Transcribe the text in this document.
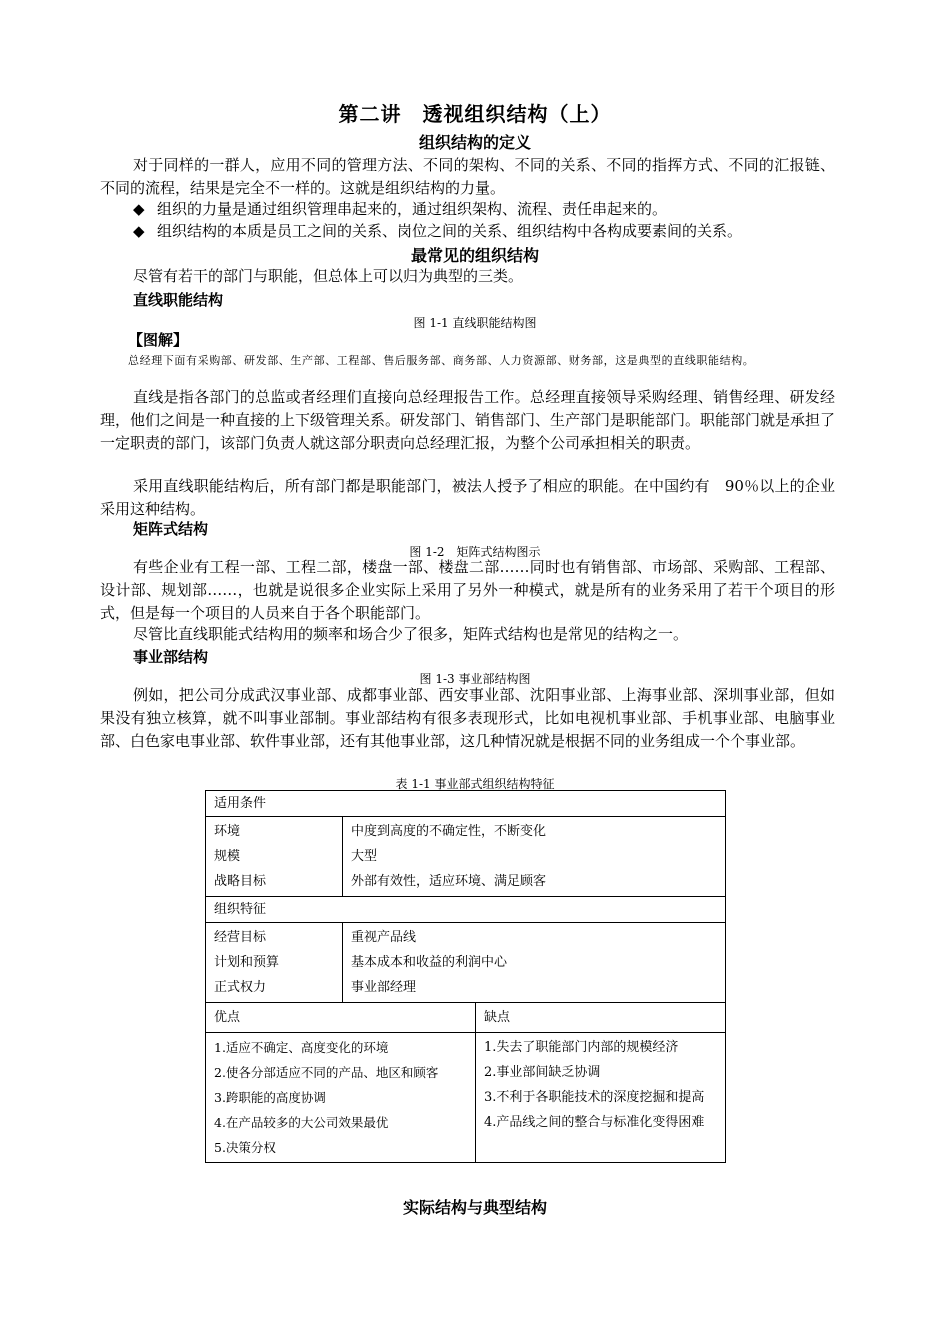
第二讲　透视组织结构（上）
组织结构的定义
对于同样的一群人，应用不同的管理方法、不同的架构、不同的关系、不同的指挥方式、不同的汇报链、不同的流程，结果是完全不一样的。这就是组织结构的力量。
◆ 组织的力量是通过组织管理串起来的，通过组织架构、流程、责任串起来的。
◆ 组织结构的本质是员工之间的关系、岗位之间的关系、组织结构中各构成要素间的关系。
最常见的组织结构
尽管有若干的部门与职能，但总体上可以归为典型的三类。
直线职能结构
图 1-1 直线职能结构图
【图解】
总经理下面有采购部、研发部、生产部、工程部、售后服务部、商务部、人力资源部、财务部，这是典型的直线职能结构。
直线是指各部门的总监或者经理们直接向总经理报告工作。总经理直接领导采购经理、销售经理、研发经理，他们之间是一种直接的上下级管理关系。研发部门、销售部门、生产部门是职能部门。职能部门就是承担了一定职责的部门，该部门负责人就这部分职责向总经理汇报，为整个公司承担相关的职责。
采用直线职能结构后，所有部门都是职能部门，被法人授予了相应的职能。在中国约有　90％以上的企业采用这种结构。
矩阵式结构
图 1-2　矩阵式结构图示
有些企业有工程一部、工程二部，楼盘一部、楼盘二部……同时也有销售部、市场部、采购部、工程部、设计部、规划部……，也就是说很多企业实际上采用了另外一种模式，就是所有的业务采用了若干个项目的形式，但是每一个项目的人员来自于各个职能部门。
尽管比直线职能式结构用的频率和场合少了很多，矩阵式结构也是常见的结构之一。
事业部结构
图 1-3 事业部结构图
例如，把公司分成武汉事业部、成都事业部、西安事业部、沈阳事业部、上海事业部、深圳事业部，但如果没有独立核算，就不叫事业部制。事业部结构有很多表现形式，比如电视机事业部、手机事业部、电脑事业部、白色家电事业部、软件事业部，还有其他事业部，这几种情况就是根据不同的业务组成一个个事业部。
表 1-1 事业部式组织结构特征
适用条件
环境
规模
战略目标
中度到高度的不确定性，不断变化
大型
外部有效性，适应环境、满足顾客
组织特征
经营目标
计划和预算
正式权力
重视产品线
基本成本和收益的利润中心
事业部经理
优点	缺点
1.适应不确定、高度变化的环境
2.使各分部适应不同的产品、地区和顾客
3.跨职能的高度协调
4.在产品较多的大公司效果最优
5.决策分权
1.失去了职能部门内部的规模经济
2.事业部间缺乏协调
3.不利于各职能技术的深度挖掘和提高
4.产品线之间的整合与标准化变得困难
实际结构与典型结构
